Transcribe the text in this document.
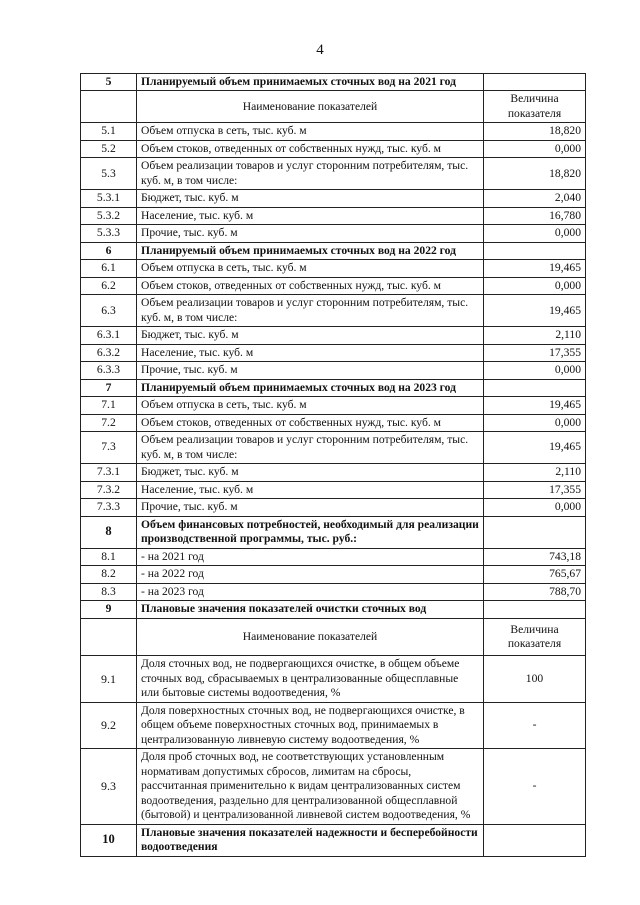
4
5	Планируемый объем принимаемых сточных вод на 2021 год	
	Наименование показателей	Величина показателя
5.1	Объем отпуска в сеть, тыс. куб. м	18,820
5.2	Объем стоков, отведенных от собственных нужд, тыс. куб. м	0,000
5.3	Объем реализации товаров и услуг сторонним потребителям, тыс. куб. м, в том числе:	18,820
5.3.1	Бюджет, тыс. куб. м	2,040
5.3.2	Население, тыс. куб. м	16,780
5.3.3	Прочие, тыс. куб. м	0,000
6	Планируемый объем принимаемых сточных вод на 2022 год	
6.1	Объем отпуска в сеть, тыс. куб. м	19,465
6.2	Объем стоков, отведенных от собственных нужд, тыс. куб. м	0,000
6.3	Объем реализации товаров и услуг сторонним потребителям, тыс. куб. м, в том числе:	19,465
6.3.1	Бюджет, тыс. куб. м	2,110
6.3.2	Население, тыс. куб. м	17,355
6.3.3	Прочие, тыс. куб. м	0,000
7	Планируемый объем принимаемых сточных вод на 2023 год	
7.1	Объем отпуска в сеть, тыс. куб. м	19,465
7.2	Объем стоков, отведенных от собственных нужд, тыс. куб. м	0,000
7.3	Объем реализации товаров и услуг сторонним потребителям, тыс. куб. м, в том числе:	19,465
7.3.1	Бюджет, тыс. куб. м	2,110
7.3.2	Население, тыс. куб. м	17,355
7.3.3	Прочие, тыс. куб. м	0,000
8	Объем финансовых потребностей, необходимый для реализации производственной программы, тыс. руб.:	
8.1	- на 2021 год	743,18
8.2	- на 2022 год	765,67
8.3	- на 2023 год	788,70
9	Плановые значения показателей очистки сточных вод	
	Наименование показателей	Величина показателя
9.1	Доля сточных вод, не подвергающихся очистке, в общем объеме сточных вод, сбрасываемых в централизованные общесплавные или бытовые системы водоотведения, %	100
9.2	Доля поверхностных сточных вод, не подвергающихся очистке, в общем объеме поверхностных сточных вод, принимаемых в централизованную ливневую систему водоотведения, %	-
9.3	Доля проб сточных вод, не соответствующих установленным нормативам допустимых сбросов, лимитам на сбросы, рассчитанная применительно к видам централизованных систем водоотведения, раздельно для централизованной общесплавной (бытовой) и централизованной ливневой систем водоотведения, %	-
10	Плановые значения показателей надежности и бесперебойности водоотведения	
